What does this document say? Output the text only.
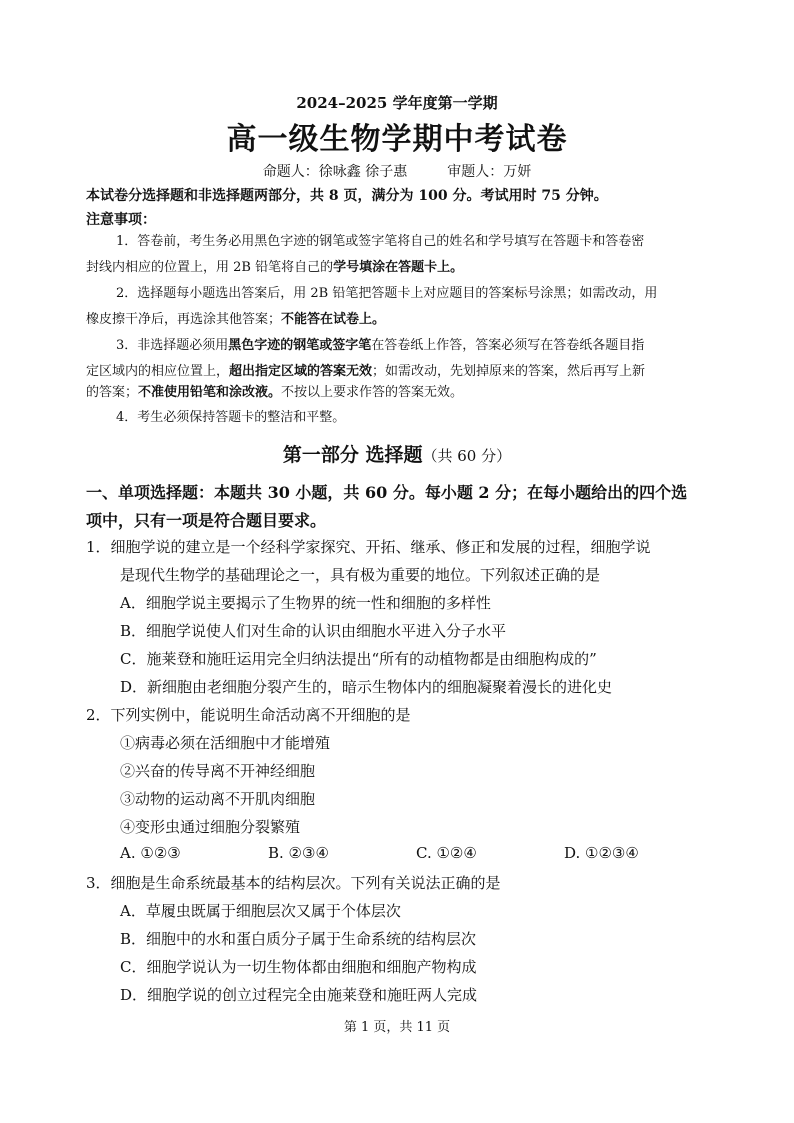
2024–2025 学年度第一学期
高一级生物学期中考试卷
命题人：徐咏鑫 徐子惠	审题人：万妍
本试卷分选择题和非选择题两部分，共 8 页，满分为 100 分。考试用时 75 分钟。
注意事项：
1．答卷前，考生务必用黑色字迹的钢笔或签字笔将自己的姓名和学号填写在答题卡和答卷密
封线内相应的位置上，用 2B 铅笔将自己的学号填涂在答题卡上。
2．选择题每小题选出答案后，用 2B 铅笔把答题卡上对应题目的答案标号涂黑；如需改动，用
橡皮擦干净后，再选涂其他答案；不能答在试卷上。
3．非选择题必须用黑色字迹的钢笔或签字笔在答卷纸上作答，答案必须写在答卷纸各题目指
定区域内的相应位置上，超出指定区域的答案无效；如需改动，先划掉原来的答案，然后再写上新
的答案；不准使用铅笔和涂改液。不按以上要求作答的答案无效。
4．考生必须保持答题卡的整洁和平整。
第一部分 选择题（共 60 分）
一、单项选择题：本题共 30 小题，共 60 分。每小题 2 分；在每小题给出的四个选
项中，只有一项是符合题目要求。
1．细胞学说的建立是一个经科学家探究、开拓、继承、修正和发展的过程，细胞学说
是现代生物学的基础理论之一，具有极为重要的地位。下列叙述正确的是
A．细胞学说主要揭示了生物界的统一性和细胞的多样性
B．细胞学说使人们对生命的认识由细胞水平进入分子水平
C．施莱登和施旺运用完全归纳法提出“所有的动植物都是由细胞构成的”
D．新细胞由老细胞分裂产生的，暗示生物体内的细胞凝聚着漫长的进化史
2．下列实例中，能说明生命活动离不开细胞的是
①病毒必须在活细胞中才能增殖
②兴奋的传导离不开神经细胞
③动物的运动离不开肌肉细胞
④变形虫通过细胞分裂繁殖
A. ①②③	B. ②③④	C. ①②④	D. ①②③④
3．细胞是生命系统最基本的结构层次。下列有关说法正确的是
A．草履虫既属于细胞层次又属于个体层次
B．细胞中的水和蛋白质分子属于生命系统的结构层次
C．细胞学说认为一切生物体都由细胞和细胞产物构成
D．细胞学说的创立过程完全由施莱登和施旺两人完成
第 1 页，共 11 页
